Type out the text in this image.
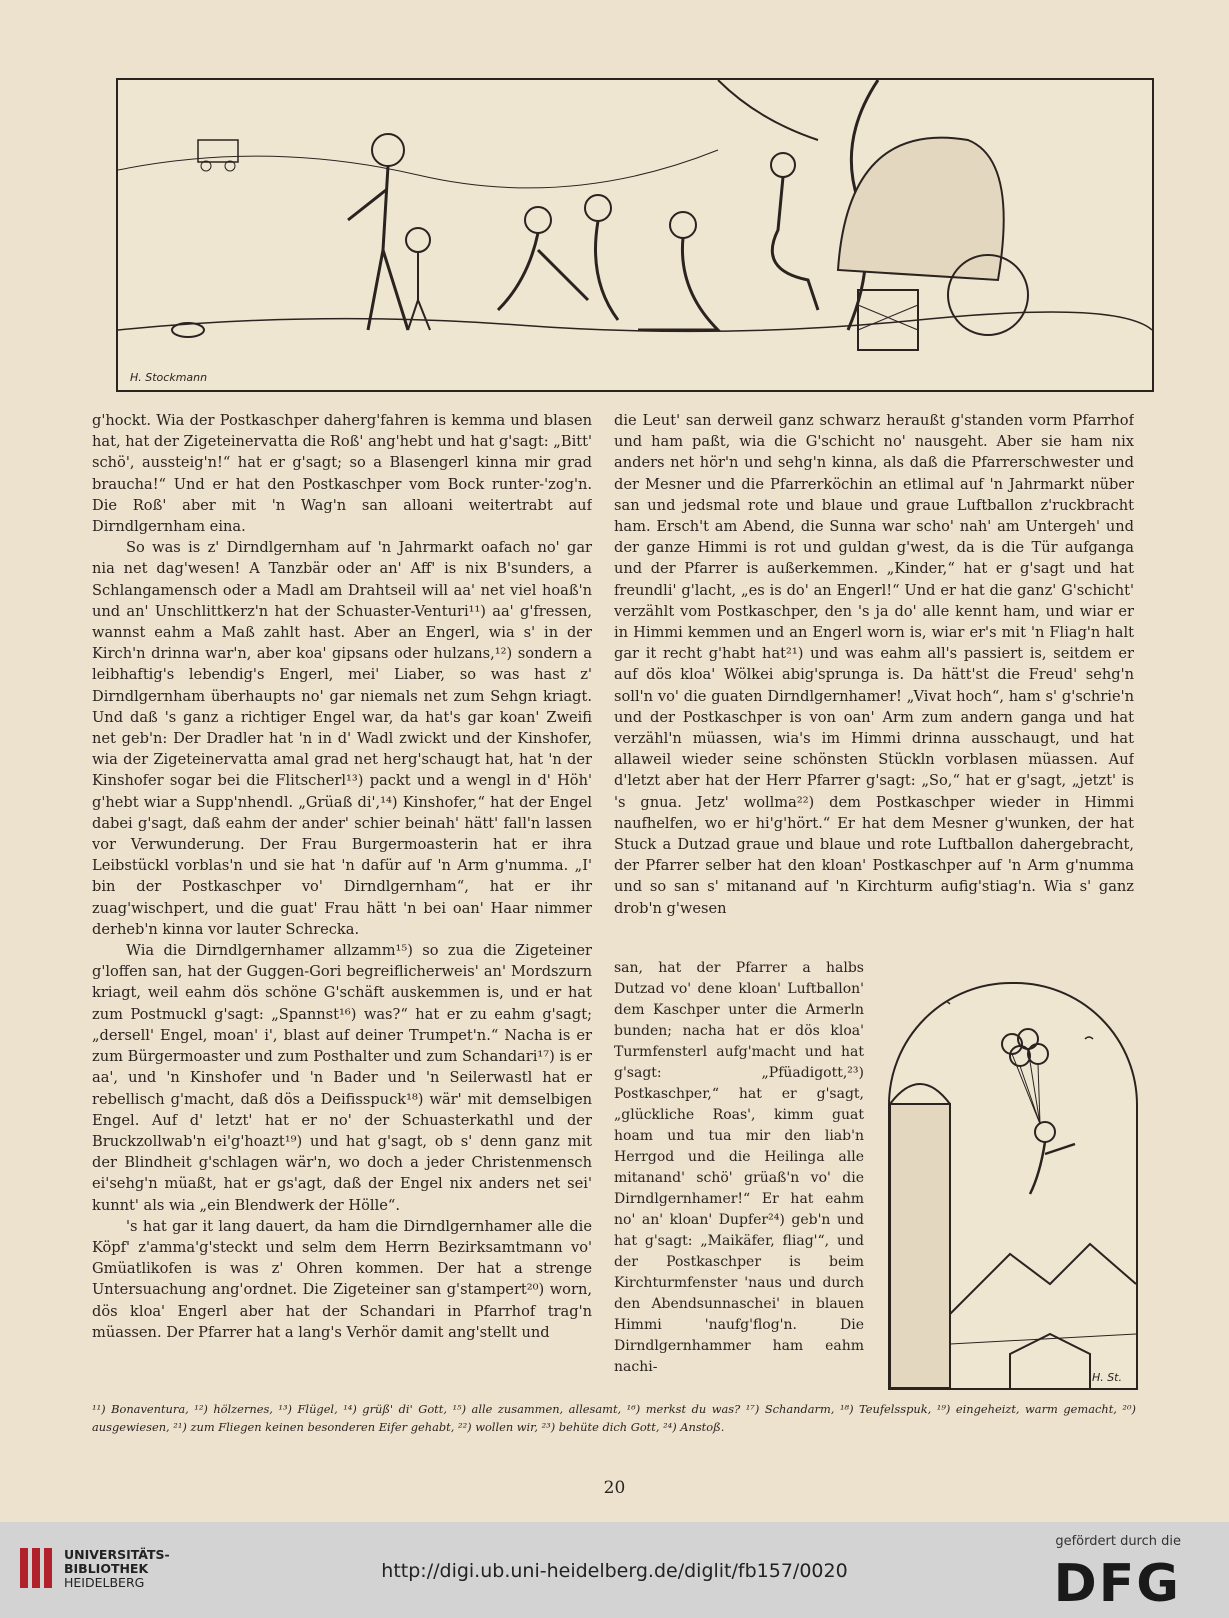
H. Stockmann

g'hockt. Wia der Postkaschper daherg'fahren is kemma und blasen hat, hat der Zigeteinervatta die Roß' ang'hebt und hat g'sagt: „Bitt' schö', aussteig'n!“ hat er g'sagt; so a Blasengerl kinna mir grad braucha!“ Und er hat den Postkaschper vom Bock runter-'zog'n. Die Roß' aber mit 'n Wag'n san alloani weitertrabt auf Dirndlgernham eina.

So was is z' Dirndlgernham auf 'n Jahrmarkt oafach no' gar nia net dag'wesen! A Tanzbär oder an' Aff' is nix B'sunders, a Schlangamensch oder a Madl am Drahtseil will aa' net viel hoaß'n und an' Unschlittkerz'n hat der Schuaster-Venturi¹¹) aa' g'fressen, wannst eahm a Maß zahlt hast. Aber an Engerl, wia s' in der Kirch'n drinna war'n, aber koa' gipsans oder hulzans,¹²) sondern a leibhaftig's lebendig's Engerl, mei' Liaber, so was hast z' Dirndlgernham überhaupts no' gar niemals net zum Sehgn kriagt. Und daß 's ganz a richtiger Engel war, da hat's gar koan' Zweifi net geb'n: Der Dradler hat 'n in d' Wadl zwickt und der Kinshofer, wia der Zigeteinervatta amal grad net herg'schaugt hat, hat 'n der Kinshofer sogar bei die Flitscherl¹³) packt und a wengl in d' Höh' g'hebt wiar a Supp'nhendl. „Grüaß di',¹⁴) Kinshofer,“ hat der Engel dabei g'sagt, daß eahm der ander' schier beinah' hätt' fall'n lassen vor Verwunderung. Der Frau Burgermoasterin hat er ihra Leibstückl vorblas'n und sie hat 'n dafür auf 'n Arm g'numma. „I' bin der Postkaschper vo' Dirndlgernham“, hat er ihr zuag'wischpert, und die guat' Frau hätt 'n bei oan' Haar nimmer derheb'n kinna vor lauter Schrecka.

Wia die Dirndlgernhamer allzamm¹⁵) so zua die Zigeteiner g'loffen san, hat der Guggen-Gori begreiflicherweis' an' Mordszurn kriagt, weil eahm dös schöne G'schäft auskemmen is, und er hat zum Postmuckl g'sagt: „Spannst¹⁶) was?“ hat er zu eahm g'sagt; „dersell' Engel, moan' i', blast auf deiner Trumpet'n.“ Nacha is er zum Bürgermoaster und zum Posthalter und zum Schandari¹⁷) is er aa', und 'n Kinshofer und 'n Bader und 'n Seilerwastl hat er rebellisch g'macht, daß dös a Deifisspuck¹⁸) wär' mit demselbigen Engel. Auf d' letzt' hat er no' der Schuasterkathl und der Bruckzollwab'n ei'g'hoazt¹⁹) und hat g'sagt, ob s' denn ganz mit der Blindheit g'schlagen wär'n, wo doch a jeder Christenmensch ei'sehg'n müaßt, hat er gs'agt, daß der Engel nix anders net sei' kunnt' als wia „ein Blendwerk der Hölle“.

's hat gar it lang dauert, da ham die Dirndlgernhamer alle die Köpf' z'amma'g'steckt und selm dem Herrn Bezirksamtmann vo' Gmüatlikofen is was z' Ohren kommen. Der hat a strenge Untersuachung ang'ordnet. Die Zigeteiner san g'stampert²⁰) worn, dös kloa' Engerl aber hat der Schandari in Pfarrhof trag'n müassen. Der Pfarrer hat a lang's Verhör damit ang'stellt und

die Leut' san derweil ganz schwarz heraußt g'standen vorm Pfarrhof und ham paßt, wia die G'schicht no' nausgeht. Aber sie ham nix anders net hör'n und sehg'n kinna, als daß die Pfarrerschwester und der Mesner und die Pfarrerköchin an etlimal auf 'n Jahrmarkt nüber san und jedsmal rote und blaue und graue Luftballon z'ruckbracht ham. Ersch't am Abend, die Sunna war scho' nah' am Untergeh' und der ganze Himmi is rot und guldan g'west, da is die Tür aufganga und der Pfarrer is außerkemmen. „Kinder,“ hat er g'sagt und hat freundli' g'lacht, „es is do' an Engerl!“ Und er hat die ganz' G'schicht' verzählt vom Postkaschper, den 's ja do' alle kennt ham, und wiar er in Himmi kemmen und an Engerl worn is, wiar er's mit 'n Fliag'n halt gar it recht g'habt hat²¹) und was eahm all's passiert is, seitdem er auf dös kloa' Wölkei abig'sprunga is. Da hätt'st die Freud' sehg'n soll'n vo' die guaten Dirndlgernhamer! „Vivat hoch“, ham s' g'schrie'n und der Postkaschper is von oan' Arm zum andern ganga und hat verzähl'n müassen, wia's im Himmi drinna ausschaugt, und hat allaweil wieder seine schönsten Stückln vorblasen müassen. Auf d'letzt aber hat der Herr Pfarrer g'sagt: „So,“ hat er g'sagt, „jetzt' is 's gnua. Jetz' wollma²²) dem Postkaschper wieder in Himmi naufhelfen, wo er hi'g'hört.“ Er hat dem Mesner g'wunken, der hat Stuck a Dutzad graue und blaue und rote Luftballon dahergebracht, der Pfarrer selber hat den kloan' Postkaschper auf 'n Arm g'numma und so san s' mitanand auf 'n Kirchturm aufig'stiag'n. Wia s' ganz drob'n g'wesen

san, hat der Pfarrer a halbs Dutzad vo' dene kloan' Luftballon' dem Kaschper unter die Armerln bunden; nacha hat er dös kloa' Turmfensterl aufg'macht und hat g'sagt: „Pfüadigott,²³) Postkaschper,“ hat er g'sagt, „glückliche Roas', kimm guat hoam und tua mir den liab'n Herrgod und die Heilinga alle mitanand' schö' grüaß'n vo' die Dirndlgernhamer!“ Er hat eahm no' an' kloan' Dupfer²⁴) geb'n und hat g'sagt: „Maikäfer, fliag'“, und der Postkaschper is beim Kirchturmfenster 'naus und durch den Abendsunnaschei' in blauen Himmi 'naufg'flog'n. Die Dirndlgernhammer ham eahm nachi-

H. St.
¹¹) Bonaventura, ¹²) hölzernes, ¹³) Flügel, ¹⁴) grüß' di' Gott, ¹⁵) alle zusammen, allesamt, ¹⁶) merkst du was? ¹⁷) Schandarm, ¹⁸) Teufelsspuk, ¹⁹) eingeheizt, warm gemacht, ²⁰) ausgewiesen, ²¹) zum Fliegen keinen besonderen Eifer gehabt, ²²) wollen wir, ²³) behüte dich Gott, ²⁴) Anstoß.
20
UNIVERSITÄTS-
BIBLIOTHEK
HEIDELBERG
http://digi.ub.uni-heidelberg.de/diglit/fb157/0020
gefördert durch die
DFG
